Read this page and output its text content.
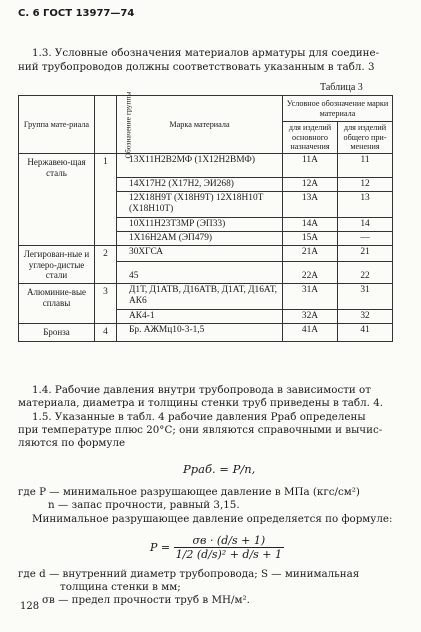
С. 6 ГОСТ 13977—74
1.3. Условные обозначения материалов арматуры для соедине-
ний трубопроводов должны соответствовать указанным в табл. 3
Таблица 3
Группа мате-риала	Обозначение группы	Марка материала	Условное обозначение марки материала	
			для изделий основного назначения	для изделий общего при-менения
Нержавею-щая сталь	1	13Х11Н2В2МФ (1Х12Н2ВМФ)	11А	11
		14Х17Н2 (Х17Н2, ЭИ268)	12А	12
		12Х18Н9Т (Х18Н9Т) 12Х18Н10Т (Х18Н10Т)	13А	13
		10Х11Н23Т3МР (ЭП33)	14А	14
		1Х16Н2АМ (ЭП479)	15А	—
Легирован-ные и углеро-дистые стали	2	30ХГСА	21А	21
		45	22А	22
Алюминие-вые сплавы	3	Д1Т, Д1АТВ, Д16АТВ, Д1АТ, Д16АТ, АК6	31А	31
		АК4-1	32А	32
Бронза	4	Бр. АЖМц10-3-1,5	41А	41
1.4. Рабочие давления внутри трубопровода в зависимости от
материала, диаметра и толщины стенки труб приведены в табл. 4.
1.5. Указанные в табл. 4 рабочие давления Pраб определены
при температуре плюс 20°С; они являются справочными и вычис-
ляются по формуле
Pраб. = P/n,
где P — минимальное разрушающее давление в МПа (кгс/см²)
n — запас прочности, равный 3,15.
Минимальное разрушающее давление определяется по формуле:
$P = \frac{\sigma в \cdot (d/s + 1)}{\text{1/2 (d/s)² + d/s + 1}}$
где d — внутренний диаметр трубопровода; S — минимальная
толщина стенки в мм;
σв — предел прочности труб в МН/м².
128
